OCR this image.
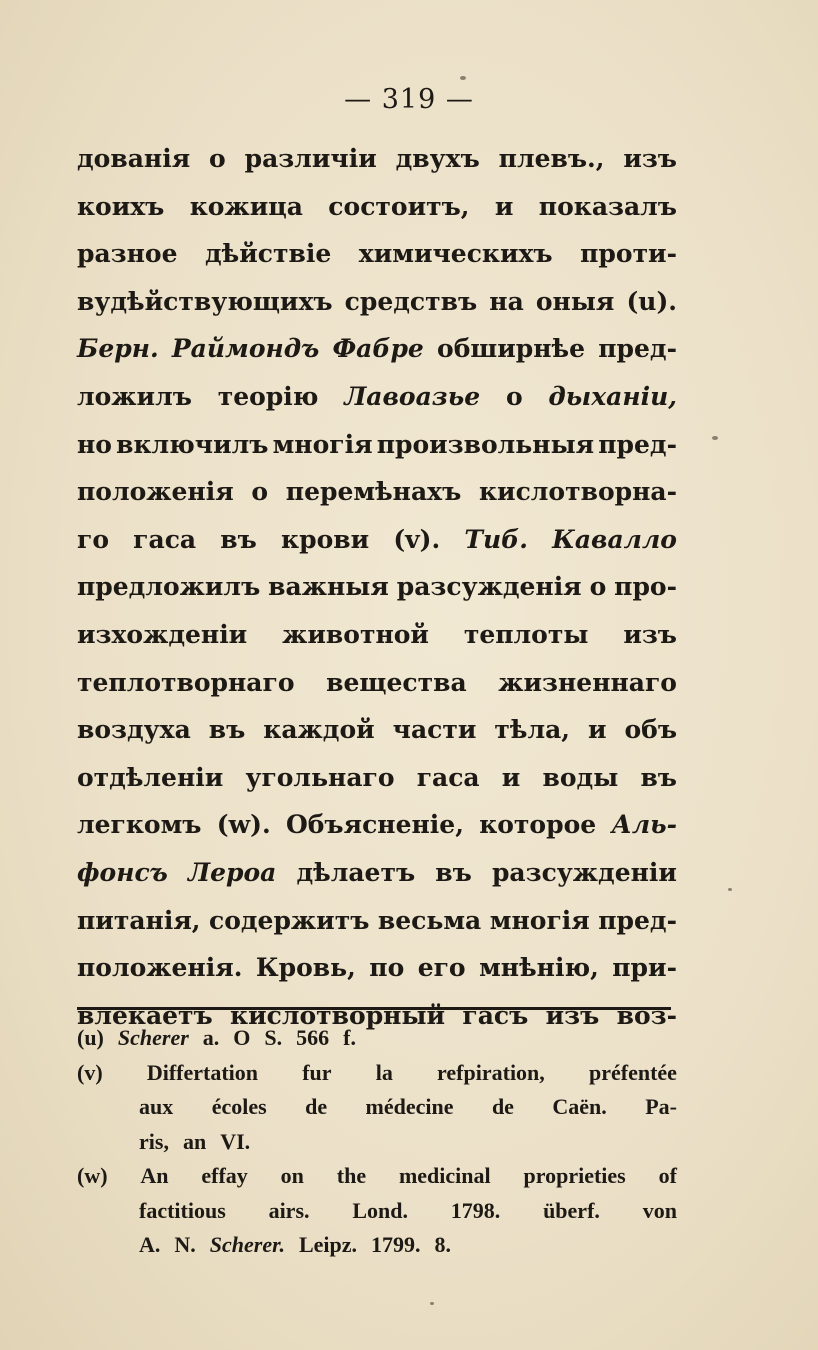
— 319 —
дованія о различіи двухъ плевъ., изъ
коихъ кожица состоитъ, и показалъ
разное дѣйствіе химическихъ проти-
вудѣйствующихъ средствъ на оныя (u).
Берн. Раймондъ Фабре обширнѣе пред-
ложилъ теорію Лавоазье о дыханіи,
но включилъ многія произвольныя пред-
положенія о перемѣнахъ кислотворна-
го гаса въ крови (v). Тиб. Кавалло
предложилъ важныя разсужденія о про-
изхожденіи животной теплоты изъ
теплотворнаго вещества жизненнаго
воздуха въ каждой части тѣла, и объ
отдѣленіи угольнаго гаса и воды въ
легкомъ (w). Объясненіе, которое Аль-
фонсъ Лероа дѣлаетъ въ разсужденіи
питанія, содержитъ весьма многія пред-
положенія. Кровь, по его мнѣнію, при-
влекаетъ кислотворный гасъ изъ воз-
(u) Scherer a. O S. 566 f.
(v) Differtation fur la refpiration, préfentée
aux écoles de médecine de Caën. Pa-
ris, an VI.
(w) An effay on the medicinal proprieties of
factitious airs. Lond. 1798. überf. von
A. N. Scherer. Leipz. 1799. 8.
